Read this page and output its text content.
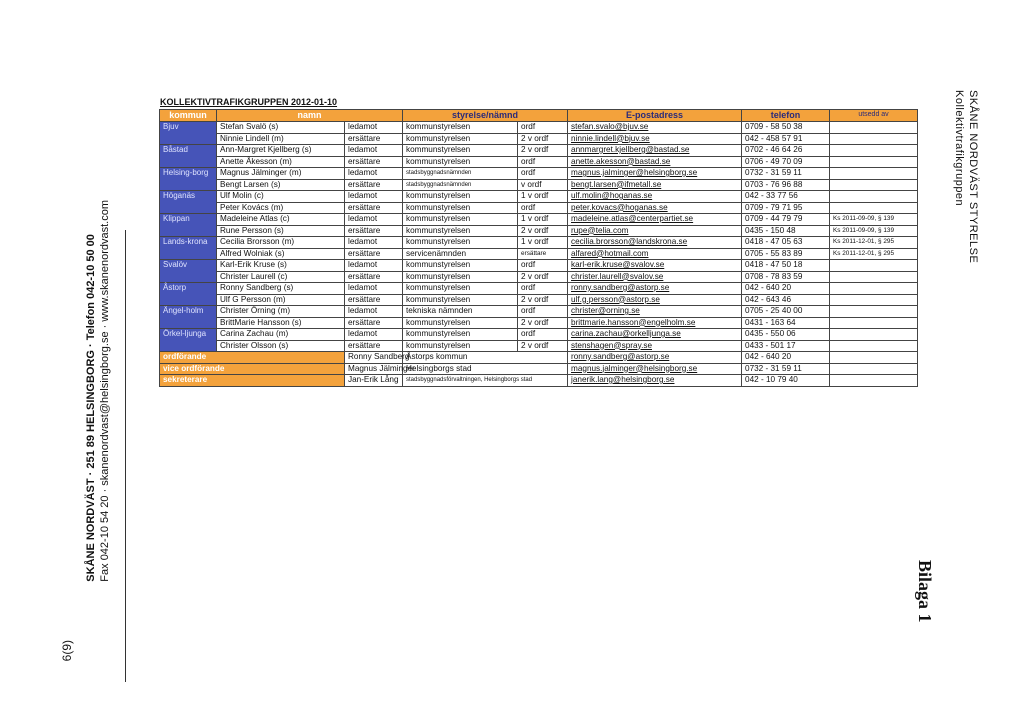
SKÅNE NORDVÄST STYRELSE
Kollektivtrafikgruppen
SKÅNE NORDVÄST · 251 89 HELSINGBORG · Telefon 042-10 50 00 Fax 042-10 54 20 · skanenordvast@helsingborg.se · www.skanenordvast.com
Bilaga 1
6(9)
KOLLEKTIVTRAFIKGRUPPEN 2012-01-10
kommun	namn		styrelse/nämnd		E-postadress	telefon	utsedd av
Bjuv	Stefan Svalö (s)	ledamot	kommunstyrelsen	ordf	stefan.svalo@bjuv.se	0709 - 58 50 38	
	Ninnie Lindell (m)	ersättare	kommunstyrelsen	2 v ordf	ninnie.lindell@bjuv.se	042 - 458 57 91	
Båstad	Ann-Margret Kjellberg (s)	ledamot	kommunstyrelsen	2 v ordf	annmargret.kjellberg@bastad.se	0702 - 46 64 26	
	Anette Åkesson (m)	ersättare	kommunstyrelsen	ordf	anette.akesson@bastad.se	0706 - 49 70 09	
Helsing-borg	Magnus Jälminger (m)	ledamot	stadsbyggnadsnämnden	ordf	magnus.jalminger@helsingborg.se	0732 - 31 59 11	
	Bengt Larsen (s)	ersättare	stadsbyggnadsnämnden	v ordf	bengt.larsen@ifmetall.se	0703 - 76 96 88	
Höganäs	Ulf Molin (c)	ledamot	kommunstyrelsen	1 v ordf	ulf.molin@hoganas.se	042 - 33 77 56	
	Peter Kovács (m)	ersättare	kommunstyrelsen	ordf	peter.kovacs@hoganas.se	0709 - 79 71 95	
Klippan	Madeleine Atlas (c)	ledamot	kommunstyrelsen	1 v ordf	madeleine.atlas@centerpartiet.se	0709 - 44 79 79	Ks 2011-09-09, § 139
	Rune Persson (s)	ersättare	kommunstyrelsen	2 v ordf	rupe@telia.com	0435 - 150 48	Ks 2011-09-09, § 139
Lands-krona	Cecilia Brorsson (m)	ledamot	kommunstyrelsen	1 v ordf	cecilia.brorsson@landskrona.se	0418 - 47 05 63	Ks 2011-12-01, § 295
	Alfred Wolniak (s)	ersättare	servicenämnden	ersättare	alfared@hotmail.com	0705 - 55 83 89	Ks 2011-12-01, § 295
Svalöv	Karl-Erik Kruse (s)	ledamot	kommunstyrelsen	ordf	karl-erik.kruse@svalov.se	0418 - 47 50 18	
	Christer Laurell (c)	ersättare	kommunstyrelsen	2 v ordf	christer.laurell@svalov.se	0708 - 78 83 59	
Åstorp	Ronny Sandberg (s)	ledamot	kommunstyrelsen	ordf	ronny.sandberg@astorp.se	042 - 640 20	
	Ulf G Persson (m)	ersättare	kommunstyrelsen	2 v ordf	ulf.g.persson@astorp.se	042 - 643 46	
Ängel-holm	Christer Örning (m)	ledamot	tekniska nämnden	ordf	christer@orning.se	0705 - 25 40 00	
	BrittMarie Hansson (s)	ersättare	kommunstyrelsen	2 v ordf	brittmarie.hansson@engelholm.se	0431 - 163 64	
Örkel-ljunga	Carina Zachau (m)	ledamot	kommunstyrelsen	ordf	carina.zachau@orkelljunga.se	0435 - 550 06	
	Christer Olsson (s)	ersättare	kommunstyrelsen	2 v ordf	stenshagen@spray.se	0433 - 501 17	
ordförande		Ronny Sandberg	Åstorps kommun		ronny.sandberg@astorp.se	042 - 640 20	
vice ordförande		Magnus Jälminger	Helsingborgs stad		magnus.jalminger@helsingborg.se	0732 - 31 59 11	
sekreterare		Jan-Erik Lång	stadsbyggnadsförvaltningen, Helsingborgs stad		janerik.lang@helsingborg.se	042 - 10 79 40	
